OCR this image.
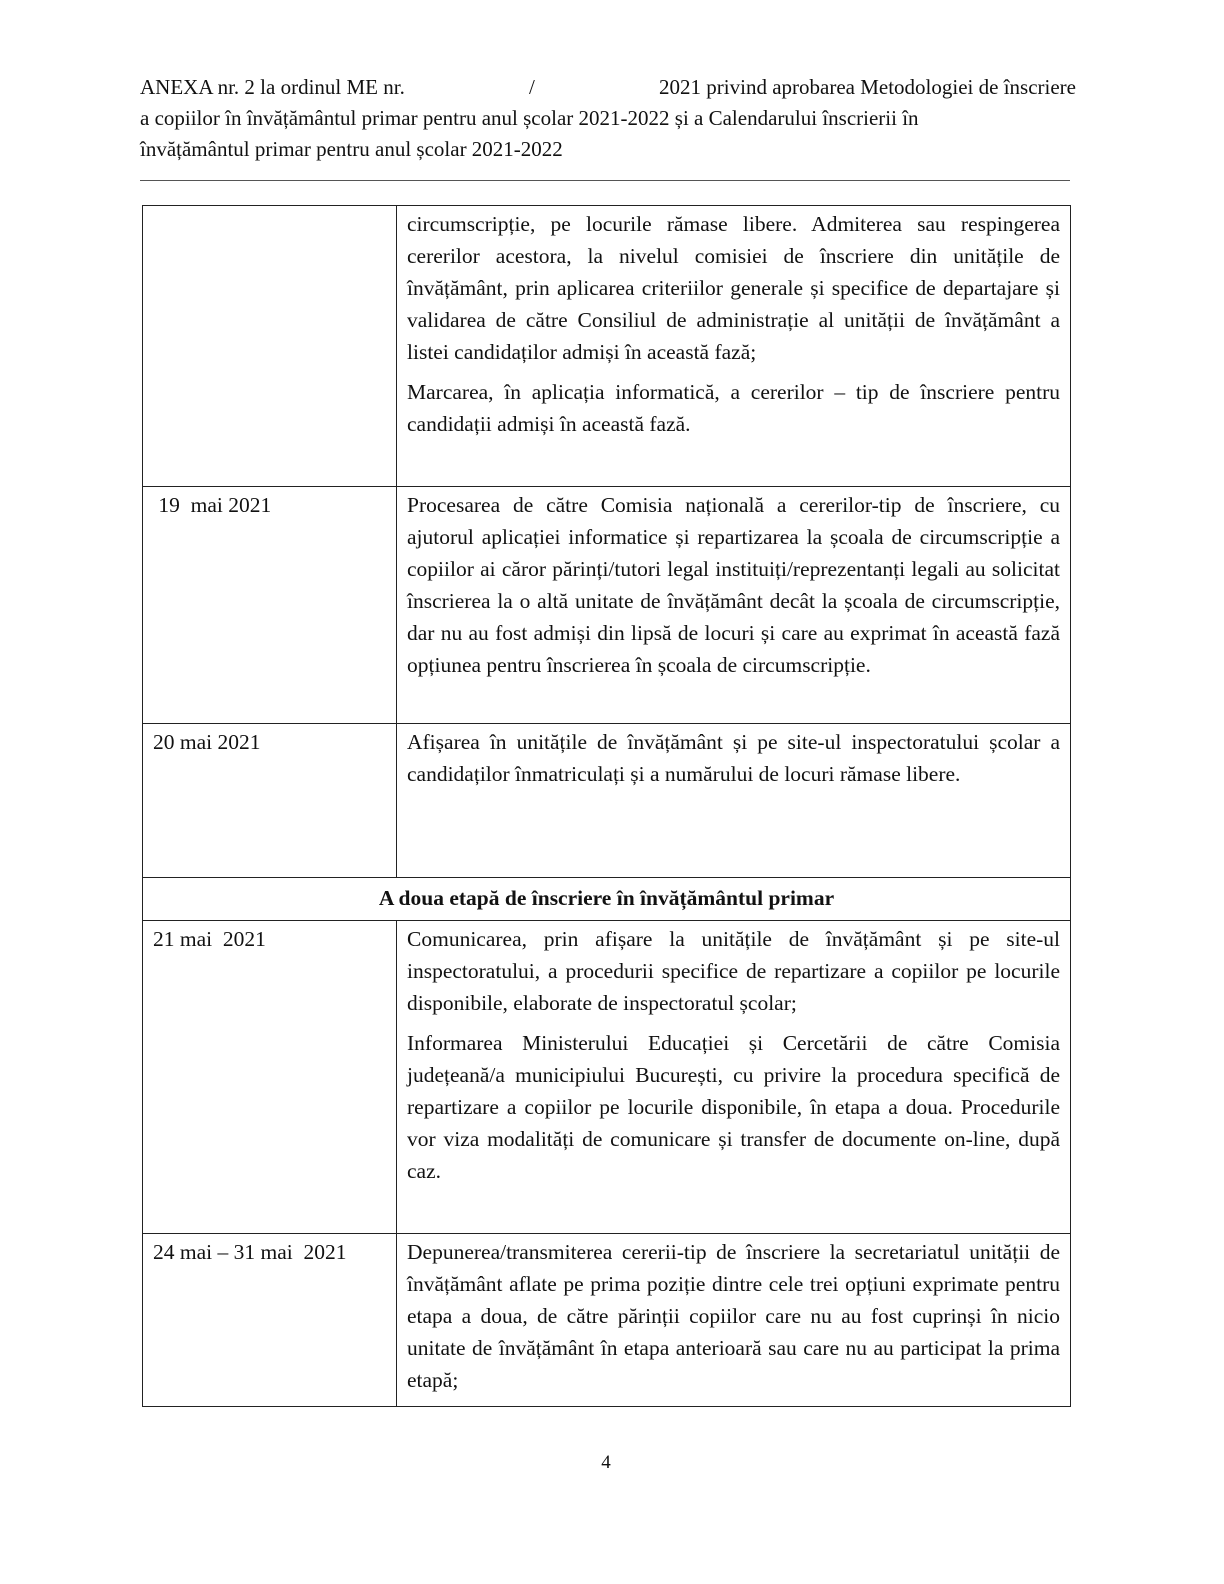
ANEXA nr. 2 la ordinul ME nr.	/	2021 privind aprobarea Metodologiei de înscriere
a copiilor în învățământul primar pentru anul școlar 2021-2022 și a Calendarului înscrierii în
învățământul primar pentru anul școlar 2021-2022

	circumscripție, pe locurile rămase libere. Admiterea sau respingerea cererilor acestora, la nivelul comisiei de înscriere din unitățile de învățământ, prin aplicarea criteriilor generale și specifice de departajare și validarea de către Consiliul de administrație al unității de învățământ a listei candidaților admiși în această fază;

Marcarea, în aplicația informatică, a cererilor – tip de înscriere pentru candidații admiși în această fază.

19  mai 2021	Procesarea de către Comisia națională a cererilor-tip de înscriere, cu ajutorul aplicației informatice și repartizarea la școala de circumscripție a copiilor ai căror părinți/tutori legal instituiți/reprezentanți legali au solicitat înscrierea la o altă unitate de învățământ decât la școala de circumscripție, dar nu au fost admiși din lipsă de locuri și care au exprimat în această fază opțiunea pentru înscrierea în școala de circumscripție.

20 mai 2021	Afișarea în unitățile de învățământ și pe site-ul inspectoratului școlar a candidaților înmatriculați și a numărului de locuri rămase libere.

A doua etapă de înscriere în învățământul primar	
21 mai  2021	Comunicarea, prin afișare la unitățile de învățământ și pe site-ul inspectoratului, a procedurii specifice de repartizare a copiilor pe locurile disponibile, elaborate de inspectoratul școlar;

Informarea Ministerului Educației și Cercetării de către Comisia județeană/a municipiului București, cu privire la procedura specifică de repartizare a copiilor pe locurile disponibile, în etapa a doua. Procedurile vor viza modalități de comunicare și transfer de documente on-line, după caz.

24 mai – 31 mai  2021	Depunerea/transmiterea cererii-tip de înscriere la secretariatul unității de învățământ aflate pe prima poziție dintre cele trei opțiuni exprimate pentru etapa a doua, de către părinții copiilor care nu au fost cuprinși în nicio unitate de învățământ în etapa anterioară sau care nu au participat la prima etapă;

4
